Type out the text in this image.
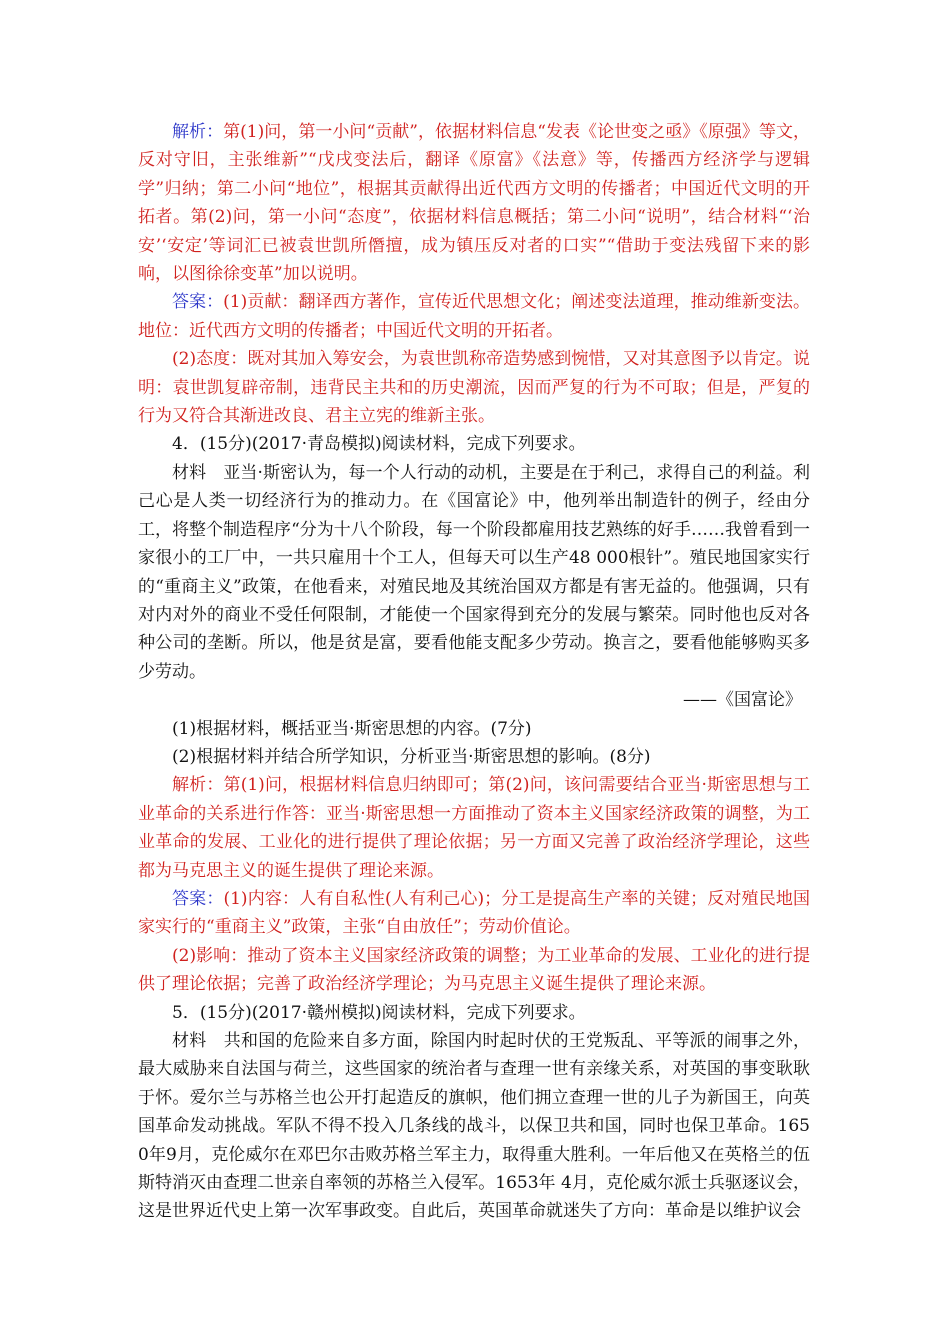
解析：第(1)问，第一小问“贡献”，依据材料信息“发表《论世变之亟》《原强》等文，反对守旧，主张维新”“戊戌变法后，翻译《原富》《法意》等，传播西方经济学与逻辑学”归纳；第二小问“地位”，根据其贡献得出近代西方文明的传播者；中国近代文明的开拓者。第(2)问，第一小问“态度”，依据材料信息概括；第二小问“说明”，结合材料“‘治安’‘安定’等词汇已被袁世凯所僭擅，成为镇压反对者的口实”“借助于变法残留下来的影响，以图徐徐变革”加以说明。

答案：(1)贡献：翻译西方著作，宣传近代思想文化；阐述变法道理，推动维新变法。地位：近代西方文明的传播者；中国近代文明的开拓者。

(2)态度：既对其加入筹安会，为袁世凯称帝造势感到惋惜，又对其意图予以肯定。说明：袁世凯复辟帝制，违背民主共和的历史潮流，因而严复的行为不可取；但是，严复的行为又符合其渐进改良、君主立宪的维新主张。

4．(15分)(2017·青岛模拟)阅读材料，完成下列要求。

材料　亚当·斯密认为，每一个人行动的动机，主要是在于利己，求得自己的利益。利己心是人类一切经济行为的推动力。在《国富论》中，他列举出制造针的例子，经由分工，将整个制造程序“分为十八个阶段，每一个阶段都雇用技艺熟练的好手……我曾看到一家很小的工厂中，一共只雇用十个工人，但每天可以生产48 000根针”。殖民地国家实行的“重商主义”政策，在他看来，对殖民地及其统治国双方都是有害无益的。他强调，只有对内对外的商业不受任何限制，才能使一个国家得到充分的发展与繁荣。同时他也反对各种公司的垄断。所以，他是贫是富，要看他能支配多少劳动。换言之，要看他能够购买多少劳动。

——《国富论》

(1)根据材料，概括亚当·斯密思想的内容。(7分)

(2)根据材料并结合所学知识，分析亚当·斯密思想的影响。(8分)

解析：第(1)问，根据材料信息归纳即可；第(2)问，该问需要结合亚当·斯密思想与工业革命的关系进行作答：亚当·斯密思想一方面推动了资本主义国家经济政策的调整，为工业革命的发展、工业化的进行提供了理论依据；另一方面又完善了政治经济学理论，这些都为马克思主义的诞生提供了理论来源。

答案：(1)内容：人有自私性(人有利己心)；分工是提高生产率的关键；反对殖民地国家实行的“重商主义”政策，主张“自由放任”；劳动价值论。

(2)影响：推动了资本主义国家经济政策的调整；为工业革命的发展、工业化的进行提供了理论依据；完善了政治经济学理论；为马克思主义诞生提供了理论来源。

5．(15分)(2017·赣州模拟)阅读材料，完成下列要求。

材料　共和国的危险来自多方面，除国内时起时伏的王党叛乱、平等派的闹事之外，最大威胁来自法国与荷兰，这些国家的统治者与查理一世有亲缘关系，对英国的事变耿耿于怀。爱尔兰与苏格兰也公开打起造反的旗帜，他们拥立查理一世的儿子为新国王，向英国革命发动挑战。军队不得不投入几条线的战斗，以保卫共和国，同时也保卫革命。1650年9月，克伦威尔在邓巴尔击败苏格兰军主力，取得重大胜利。一年后他又在英格兰的伍斯特消灭由查理二世亲自率领的苏格兰入侵军。1653年 4月，克伦威尔派士兵驱逐议会，这是世界近代史上第一次军事政变。自此后，英国革命就迷失了方向：革命是以维护议会
